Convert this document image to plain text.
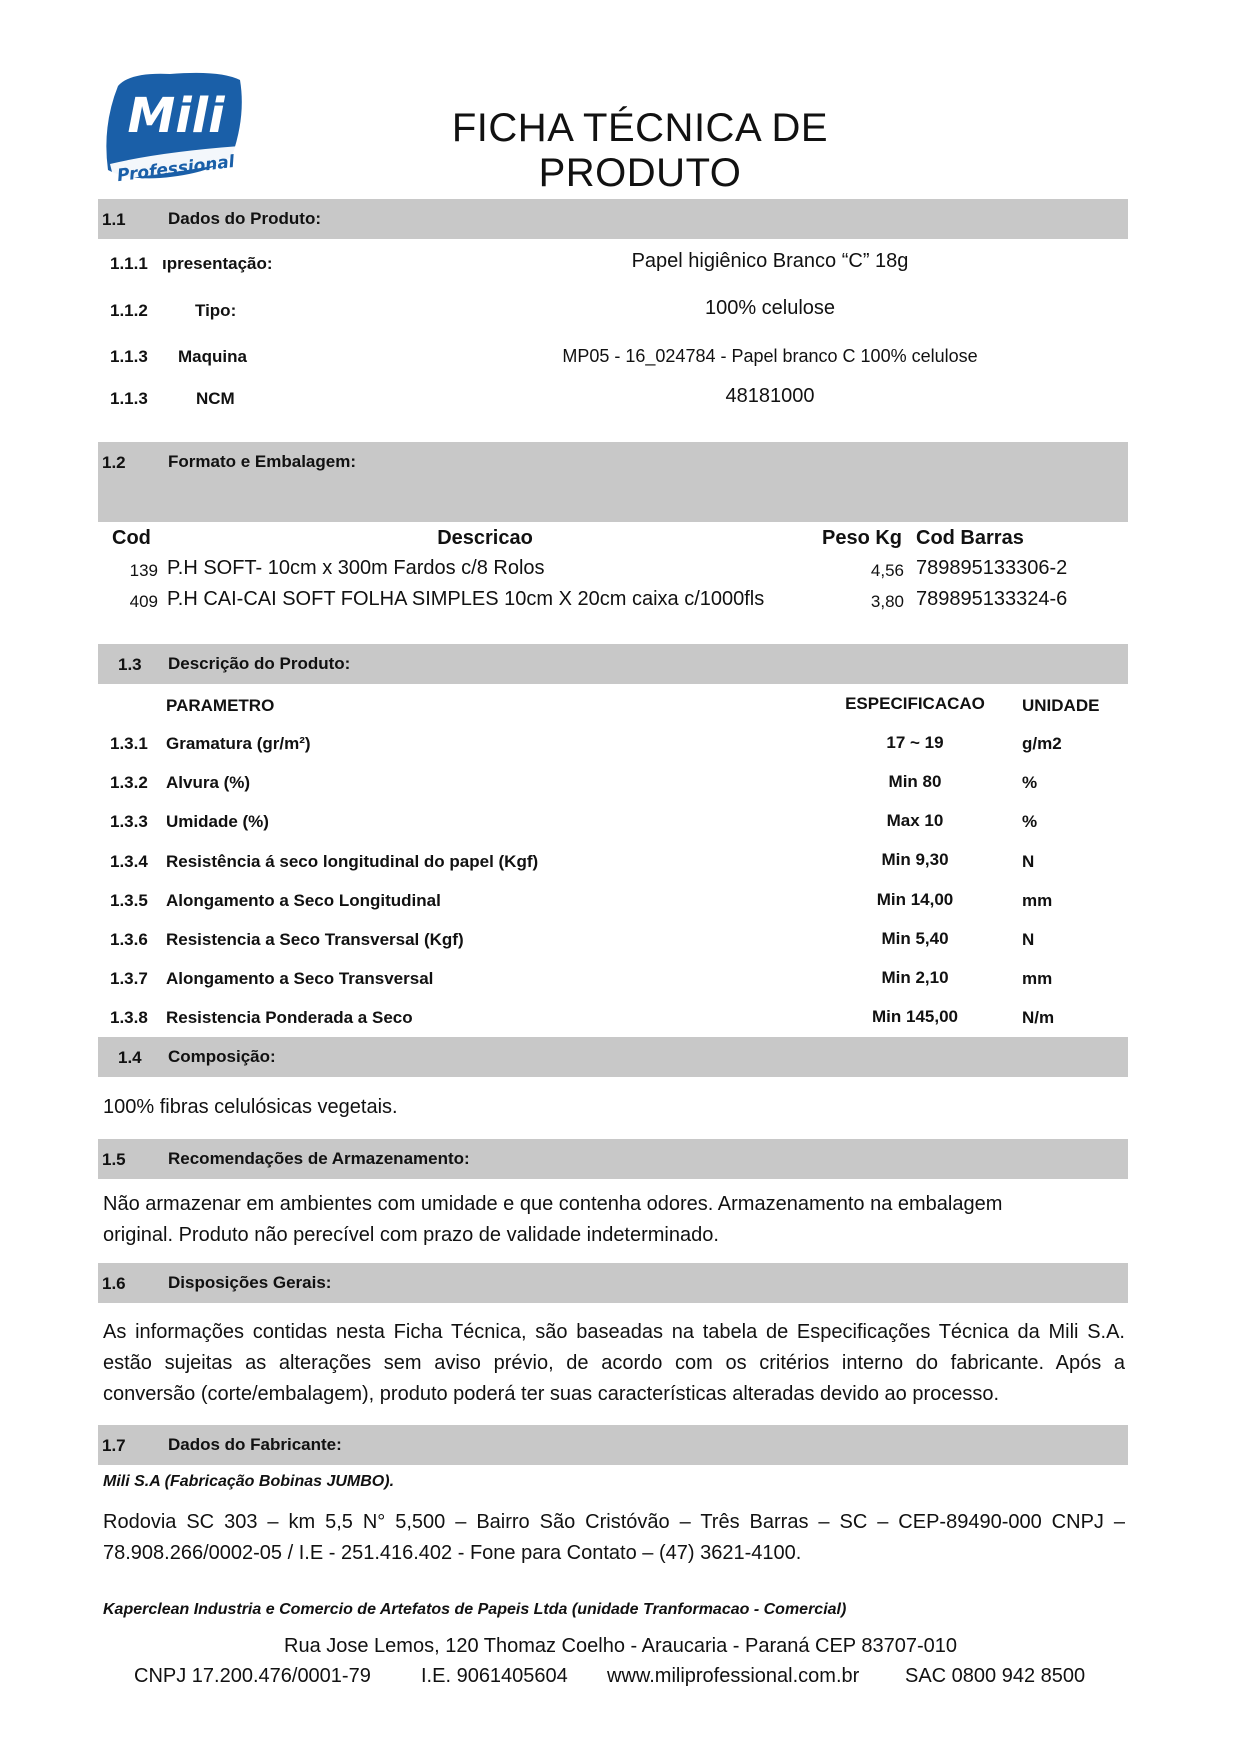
Mili
Professional
FICHA TÉCNICA DE PRODUTO
1.1 Dados do Produto:
1.1.1 ıpresentação:	Papel higiênico Branco “C” 18g
1.1.2	Tipo:	100% celulose
1.1.3 Maquina	MP05 - 16_024784 - Papel branco C 100% celulose
1.1.3	NCM	48181000
1.2 Formato e Embalagem:
Cod	Descricao	Peso Kg Cod Barras
139 P.H SOFT- 10cm x 300m Fardos c/8 Rolos	4,56 789895133306-2
409 P.H CAI-CAI SOFT FOLHA SIMPLES 10cm X 20cm caixa c/1000fls	3,80 789895133324-6
1.3 Descrição do Produto:
PARAMETRO	ESPECIFICACAO	UNIDADE
1.3.1 Gramatura (gr/m²)	17 ~ 19	g/m2
1.3.2 Alvura (%)	Min 80	%
1.3.3 Umidade (%)	Max 10	%
1.3.4 Resistência á seco longitudinal do papel (Kgf)	Min 9,30	N
1.3.5 Alongamento a Seco Longitudinal	Min 14,00	mm
1.3.6 Resistencia a Seco Transversal (Kgf)	Min 5,40	N
1.3.7 Alongamento a Seco Transversal	Min 2,10	mm
1.3.8 Resistencia Ponderada a Seco	Min 145,00	N/m
1.4 Composição:
100% fibras celulósicas vegetais.
1.5 Recomendações de Armazenamento:
Não armazenar em ambientes com umidade e que contenha odores. Armazenamento na embalagem
original. Produto não perecível com prazo de validade indeterminado.
1.6 Disposições Gerais:
As informações contidas nesta Ficha Técnica, são baseadas na tabela de Especificações Técnica da Mili S.A.
estão sujeitas as alterações sem aviso prévio, de acordo com os critérios interno do fabricante. Após a
conversão (corte/embalagem), produto poderá ter suas características alteradas devido ao processo.
1.7 Dados do Fabricante:
Mili S.A (Fabricação Bobinas JUMBO).
Rodovia SC 303 – km 5,5 N° 5,500 – Bairro São Cristóvão – Três Barras – SC – CEP-89490-000 CNPJ –
78.908.266/0002-05 / I.E - 251.416.402 - Fone para Contato – (47) 3621-4100.
Kaperclean Industria e Comercio de Artefatos de Papeis Ltda (unidade Tranformacao - Comercial)
Rua Jose Lemos, 120 Thomaz Coelho - Araucaria - Paraná CEP 83707-010
CNPJ 17.200.476/0001-79	I.E. 9061405604 www.miliprofessional.com.br SAC 0800 942 8500
